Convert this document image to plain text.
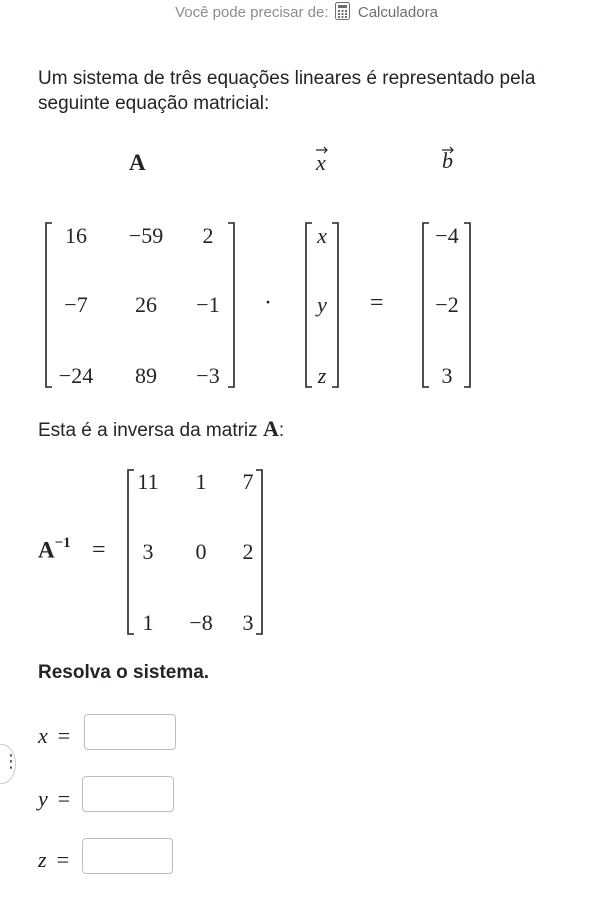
Você pode precisar de: Calculadora
Um sistema de três equações lineares é representado pela seguinte equação matricial:
A	x	b
16	−59	2
−7	26	−1
−24	89	−3
·
x
y
z
=
−4
−2
3
Esta é a inversa da matriz A:
$A^{-1}$ =
11	1	7
3	0	2
1	−8	3
Resolva o sistema.
⋮
x =
y =
z =
